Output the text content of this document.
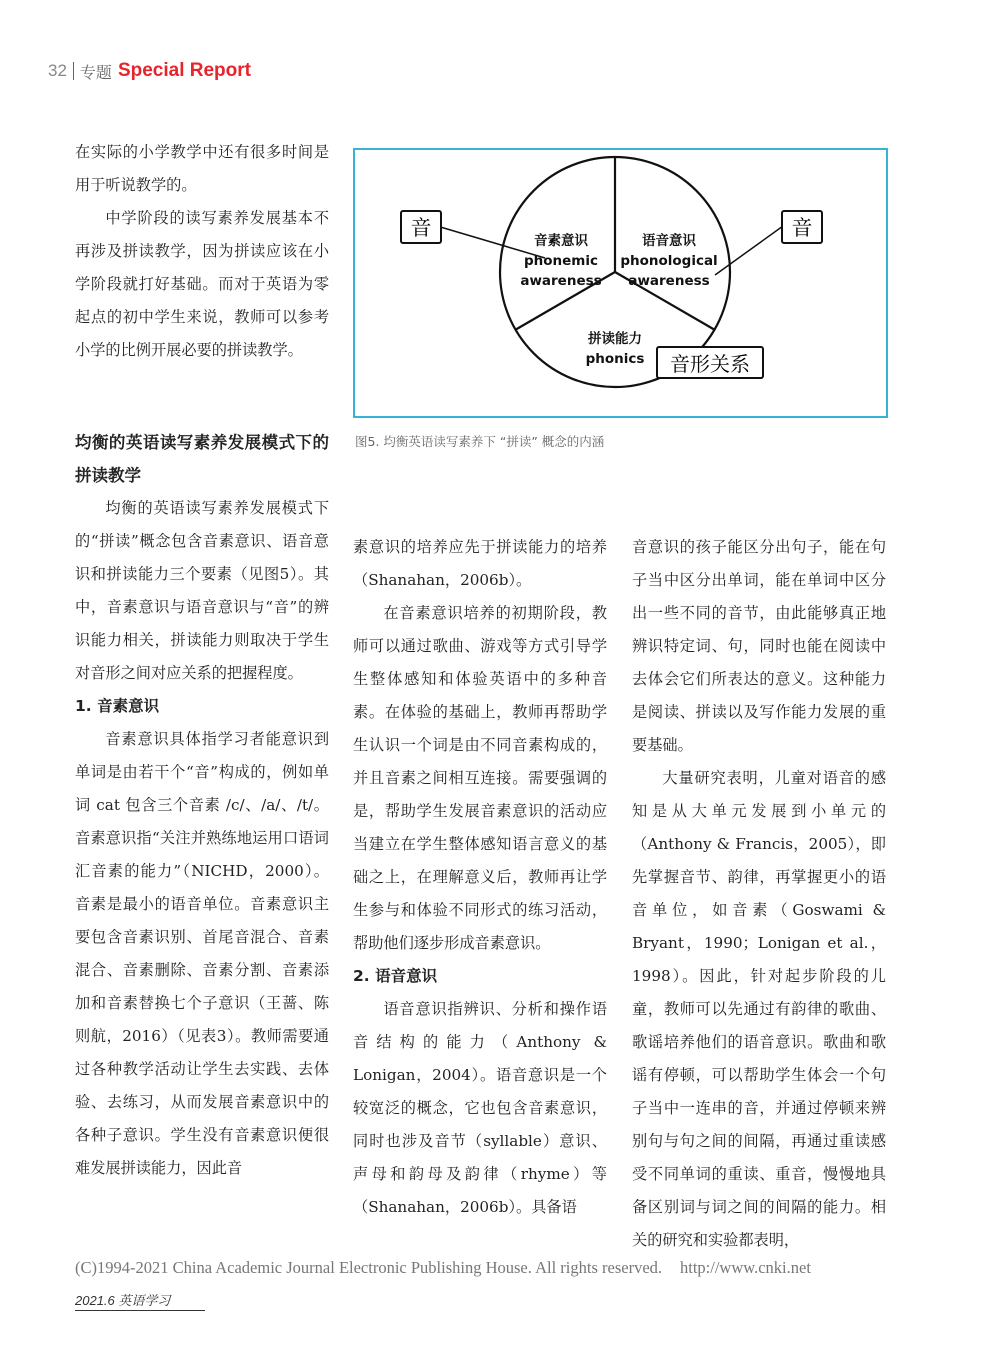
32 专题 Special Report

在实际的小学教学中还有很多时间是用于听说教学的。

中学阶段的读写素养发展基本不再涉及拼读教学，因为拼读应该在小学阶段就打好基础。而对于英语为零起点的初中学生来说，教师可以参考小学的比例开展必要的拼读教学。

均衡的英语读写素养发展模式下的拼读教学

均衡的英语读写素养发展模式下的“拼读”概念包含音素意识、语音意识和拼读能力三个要素（见图5）。其中，音素意识与语音意识与“音”的辨识能力相关，拼读能力则取决于学生对音形之间对应关系的把握程度。

1. 音素意识

音素意识具体指学习者能意识到单词是由若干个“音”构成的，例如单词 cat 包含三个音素 /c/、/a/、/t/。音素意识指“关注并熟练地运用口语词汇音素的能力”（NICHD，2000）。音素是最小的语音单位。音素意识主要包含音素识别、首尾音混合、音素混合、音素删除、音素分割、音素添加和音素替换七个子意识（王蔷、陈则航，2016）（见表3）。教师需要通过各种教学活动让学生去实践、去体验、去练习，从而发展音素意识中的各种子意识。学生没有音素意识便很难发展拼读能力，因此音

音	音
音形关系
音素意识
phonemic
awareness
语音意识
phonological
awareness
拼读能力
phonics
图5. 均衡英语读写素养下 “拼读” 概念的内涵

素意识的培养应先于拼读能力的培养（Shanahan，2006b）。

在音素意识培养的初期阶段，教师可以通过歌曲、游戏等方式引导学生整体感知和体验英语中的多种音素。在体验的基础上，教师再帮助学生认识一个词是由不同音素构成的，并且音素之间相互连接。需要强调的是，帮助学生发展音素意识的活动应当建立在学生整体感知语言意义的基础之上，在理解意义后，教师再让学生参与和体验不同形式的练习活动，帮助他们逐步形成音素意识。

2. 语音意识

语音意识指辨识、分析和操作语音结构的能力（Anthony & Lonigan，2004）。语音意识是一个较宽泛的概念，它也包含音素意识，同时也涉及音节（syllable）意识、声母和韵母及韵律（rhyme）等（Shanahan，2006b）。具备语

音意识的孩子能区分出句子，能在句子当中区分出单词，能在单词中区分出一些不同的音节，由此能够真正地辨识特定词、句，同时也能在阅读中去体会它们所表达的意义。这种能力是阅读、拼读以及写作能力发展的重要基础。

大量研究表明，儿童对语音的感知是从大单元发展到小单元的（Anthony & Francis，2005），即先掌握音节、韵律，再掌握更小的语音单位，如音素（Goswami & Bryant，1990；Lonigan et al.，1998）。因此，针对起步阶段的儿童，教师可以先通过有韵律的歌曲、歌谣培养他们的语音意识。歌曲和歌谣有停顿，可以帮助学生体会一个句子当中一连串的音，并通过停顿来辨别句与句之间的间隔，再通过重读感受不同单词的重读、重音，慢慢地具备区别词与词之间的间隔的能力。相关的研究和实验都表明，

(C)1994-2021 China Academic Journal Electronic Publishing House. All rights reserved. http://www.cnki.net
2021.6 英语学习
